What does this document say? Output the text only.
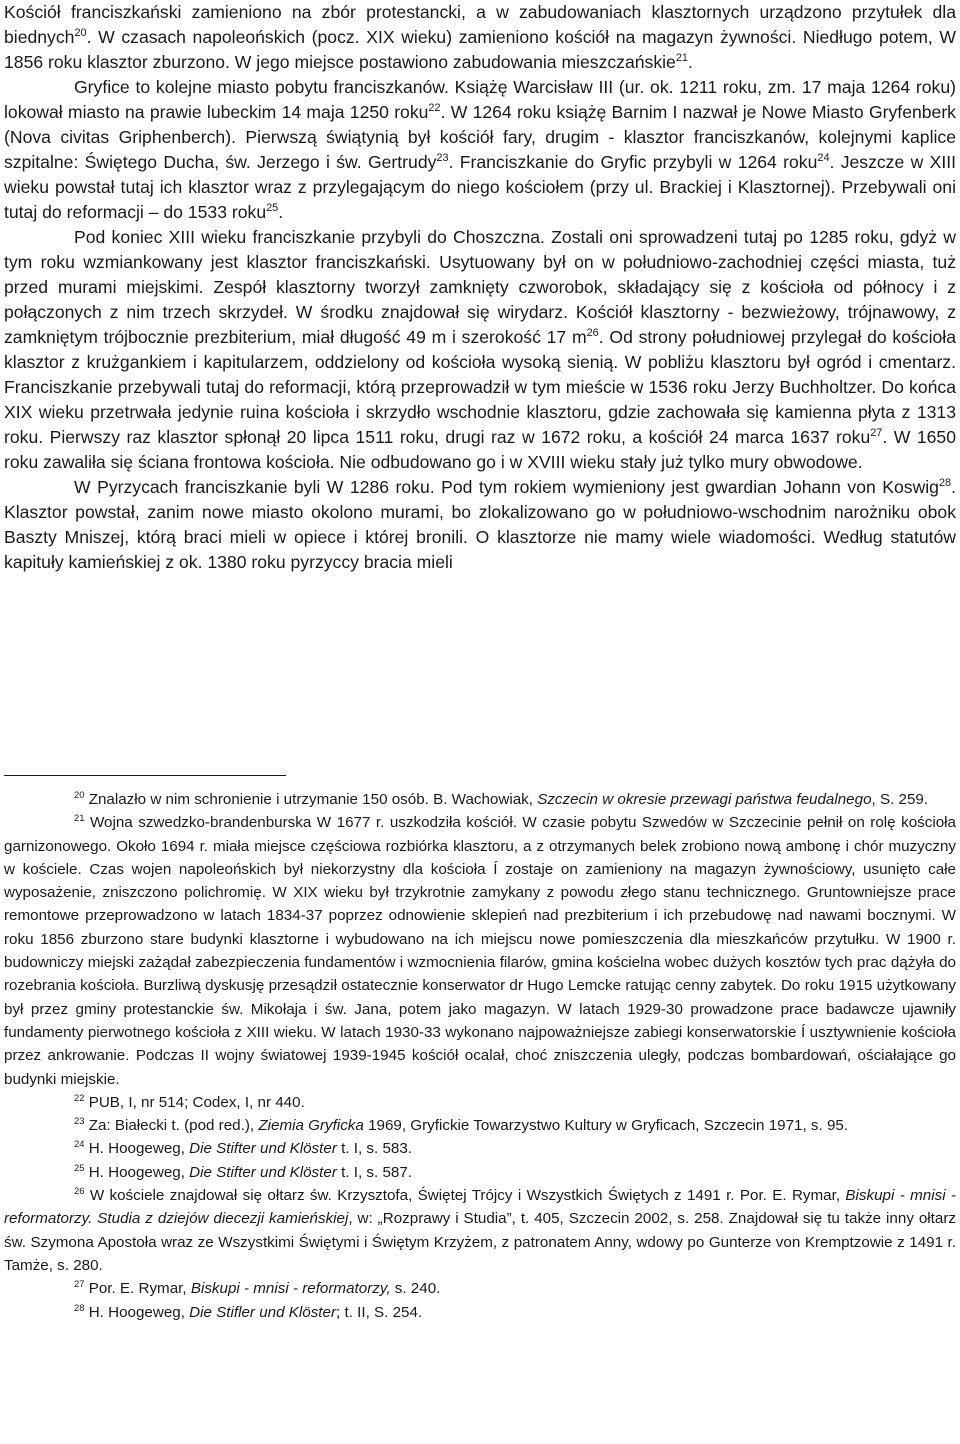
Kościół franciszkański zamieniono na zbór protestancki, a w zabudowaniach klasztornych urządzono przytułek dla biednych$^{20}$. W czasach napoleońskich (pocz. XIX wieku) zamieniono kościół na magazyn żywności. Niedługo potem, W 1856 roku klasztor zburzono. W jego miejsce postawiono zabudowania mieszczańskie$^{21}$.
Gryfice to kolejne miasto pobytu franciszkanów. Książę Warcisław III (ur. ok. 1211 roku, zm. 17 maja 1264 roku) lokował miasto na prawie lubeckim 14 maja 1250 roku$^{22}$. W 1264 roku książę Barnim I nazwał je Nowe Miasto Gryfenberk (Nova civitas Griphenberch). Pierwszą świątynią był kościół fary, drugim - klasztor franciszkanów, kolejnymi kaplice szpitalne: Świętego Ducha, św. Jerzego i św. Gertrudy$^{23}$. Franciszkanie do Gryfic przybyli w 1264 roku$^{24}$. Jeszcze w XIII wieku powstał tutaj ich klasztor wraz z przylegającym do niego kościołem (przy ul. Brackiej i Klasztornej). Przebywali oni tutaj do reformacji – do 1533 roku$^{25}$.
Pod koniec XIII wieku franciszkanie przybyli do Choszczna. Zostali oni sprowadzeni tutaj po 1285 roku, gdyż w tym roku wzmiankowany jest klasztor franciszkański. Usytuowany był on w południowo-zachodniej części miasta, tuż przed murami miejskimi. Zespół klasztorny tworzył zamknięty czworobok, składający się z kościoła od północy i z połączonych z nim trzech skrzydeł. W środku znajdował się wirydarz. Kościół klasztorny - bezwieżowy, trójnawowy, z zamkniętym trójbocznie prezbiterium, miał długość 49 m i szerokość 17 $m^{26}$. Od strony południowej przylegał do kościoła klasztor z krużgankiem i kapitularzem, oddzielony od kościoła wysoką sienią. W pobliżu klasztoru był ogród i cmentarz. Franciszkanie przebywali tutaj do reformacji, którą przeprowadził w tym mieście w 1536 roku Jerzy Buchholtzer. Do końca XIX wieku przetrwała jedynie ruina kościoła i skrzydło wschodnie klasztoru, gdzie zachowała się kamienna płyta z 1313 roku. Pierwszy raz klasztor spłonął 20 lipca 1511 roku, drugi raz w 1672 roku, a kościół 24 marca 1637 roku$^{27}$. W 1650 roku zawaliła się ściana frontowa kościoła. Nie odbudowano go i w XVIII wieku stały już tylko mury obwodowe.
W Pyrzycach franciszkanie byli W 1286 roku. Pod tym rokiem wymieniony jest gwardian Johann von Koswig$^{28}$. Klasztor powstał, zanim nowe miasto okolono murami, bo zlokalizowano go w południowo-wschodnim narożniku obok Baszty Mniszej, którą braci mieli w opiece i której bronili. O klasztorze nie mamy wiele wiadomości. Według statutów kapituły kamieńskiej z ok. 1380 roku pyrzyccy bracia mieli

$^{20}$ Znalazło w nim schronienie i utrzymanie 150 osób. B. Wachowiak, Szczecin w okresie przewagi państwa feudalnego, S. 259.

$^{21}$ Wojna szwedzko-brandenburska W 1677 r. uszkodziła kościół. W czasie pobytu Szwedów w Szczecinie pełnił on rolę kościoła garnizonowego. Około 1694 r. miała miejsce częściowa rozbiórka klasztoru, a z otrzymanych belek zrobiono nową ambonę i chór muzyczny w kościele. Czas wojen napoleońskich był niekorzystny dla kościoła Í zostaje on zamieniony na magazyn żywnościowy, usunięto całe wyposażenie, zniszczono polichromię. W XIX wieku był trzykrotnie zamykany z powodu złego stanu technicznego. Gruntowniejsze prace remontowe przeprowadzono w latach 1834-37 poprzez odnowienie sklepień nad prezbiterium i ich przebudowę nad nawami bocznymi. W roku 1856 zburzono stare budynki klasztorne i wybudowano na ich miejscu nowe pomieszczenia dla mieszkańców przytułku. W 1900 r. budowniczy miejski zażądał zabezpieczenia fundamentów i wzmocnienia filarów, gmina kościelna wobec dużych kosztów tych prac dążyła do rozebrania kościoła. Burzliwą dyskusję przesądził ostatecznie konserwator dr Hugo Lemcke ratując cenny zabytek. Do roku 1915 użytkowany był przez gminy protestanckie św. Mikołaja i św. Jana, potem jako magazyn. W latach 1929-30 prowadzone prace badawcze ujawniły fundamenty pierwotnego kościoła z XIII wieku. W latach 1930-33 wykonano najpoważniejsze zabiegi konserwatorskie Í usztywnienie kościoła przez ankrowanie. Podczas II wojny światowej 1939-1945 kościół ocalał, choć zniszczenia uległy, podczas bombardowań, ościałające go budynki miejskie.

$^{22}$ PUB, I, nr 514; Codex, I, nr 440.

$^{23}$ Za: Białecki t. (pod red.), Ziemia Gryficka 1969, Gryfickie Towarzystwo Kultury w Gryficach, Szczecin 1971, s. 95.

$^{24}$ H. Hoogeweg, Die Stifter und Klöster t. I, s. 583.

$^{25}$ H. Hoogeweg, Die Stifter und Klöster t. I, s. 587.

$^{26}$ W kościele znajdował się ołtarz św. Krzysztofa, Świętej Trójcy i Wszystkich Świętych z 1491 r. Por. E. Rymar, Biskupi - mnisi - reformatorzy. Studia z dziejów diecezji kamieńskiej, w: „Rozprawy i Studia”, t. 405, Szczecin 2002, s. 258. Znajdował się tu także inny ołtarz św. Szymona Apostoła wraz ze Wszystkimi Świętymi i Świętym Krzyżem, z patronatem Anny, wdowy po Gunterze von Kremptzowie z 1491 r. Tamże, s. 280.

$^{27}$ Por. E. Rymar, Biskupi - mnisi - reformatorzy, s. 240.

$^{28}$ H. Hoogeweg, Die Stifler und Klöster; t. II, S. 254.
